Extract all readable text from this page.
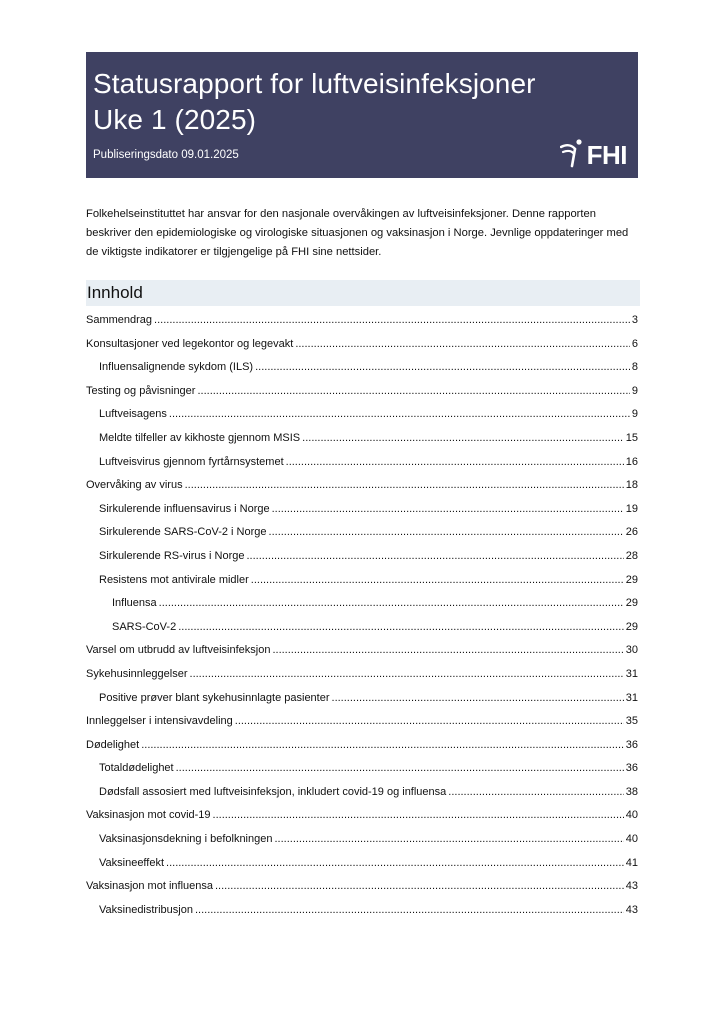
Statusrapport for luftveisinfeksjoner
Uke 1 (2025)
Publiseringsdato 09.01.2025	FHI
Folkehelseinstituttet har ansvar for den nasjonale overvåkingen av luftveisinfeksjoner. Denne rapporten beskriver den epidemiologiske og virologiske situasjonen og vaksinasjon i Norge. Jevnlige oppdateringer med de viktigste indikatorer er tilgjengelige på FHI sine nettsider.
Innhold
Sammendrag .....	3
Konsultasjoner ved legekontor og legevakt .....	6
Influensalignende sykdom (ILS) .....	8
Testing og påvisninger .....	9
Luftveisagens .....	9
Meldte tilfeller av kikhoste gjennom MSIS .....	15
Luftveisvirus gjennom fyrtårnsystemet .....	16
Overvåking av virus .....	18
Sirkulerende influensavirus i Norge .....	19
Sirkulerende SARS-CoV-2 i Norge .....	26
Sirkulerende RS-virus i Norge .....	28
Resistens mot antivirale midler .....	29
Influensa .....	29
SARS-CoV-2 .....	29
Varsel om utbrudd av luftveisinfeksjon .....	30
Sykehusinnleggelser .....	31
Positive prøver blant sykehusinnlagte pasienter .....	31
Innleggelser i intensivavdeling .....	35
Dødelighet .....	36
Totaldødelighet .....	36
Dødsfall assosiert med luftveisinfeksjon, inkludert covid-19 og influensa .....	38
Vaksinasjon mot covid-19 .....	40
Vaksinasjonsdekning i befolkningen .....	40
Vaksineeffekt .....	41
Vaksinasjon mot influensa .....	43
Vaksinedistribusjon .....	43
